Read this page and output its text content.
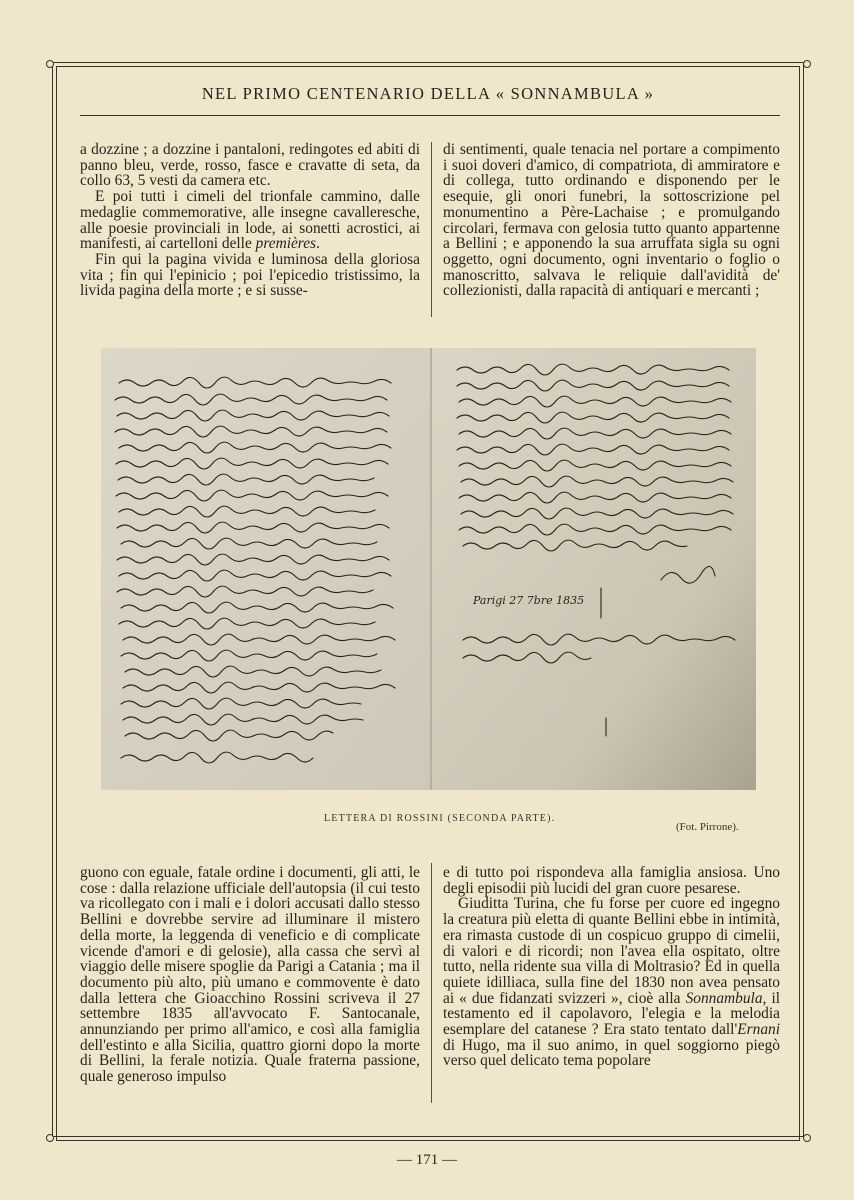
NEL PRIMO CENTENARIO DELLA « SONNAMBULA »

a dozzine ; a dozzine i pantaloni, redingotes ed abiti di panno bleu, verde, rosso, fasce e cravatte di seta, da collo 63, 5 vesti da camera etc.

E poi tutti i cimeli del trionfale cammino, dalle medaglie commemorative, alle insegne cavalleresche, alle poesie provinciali in lode, ai sonetti acrostici, ai manifesti, ai cartelloni delle premières.

Fin qui la pagina vivida e luminosa della gloriosa vita ; fin qui l'epinicio ; poi l'epicedio tristissimo, la livida pagina della morte ; e si susse-

di sentimenti, quale tenacia nel portare a compimento i suoi doveri d'amico, di compatriota, di ammiratore e di collega, tutto ordinando e disponendo per le esequie, gli onori funebri, la sottoscrizione pel monumentino a Père-Lachaise ; e promulgando circolari, fermava con gelosia tutto quanto appartenne a Bellini ; e apponendo la sua arruffata sigla su ogni oggetto, ogni documento, ogni inventario o foglio o manoscritto, salvava le reliquie dall'avidità de' collezionisti, dalla rapacità di antiquari e mercanti ;

Parigi 27 7bre 1835
LETTERA DI ROSSINI (SECONDA PARTE).
(Fot. Pirrone).

guono con eguale, fatale ordine i documenti, gli atti, le cose : dalla relazione ufficiale dell'autopsia (il cui testo va ricollegato con i mali e i dolori accusati dallo stesso Bellini e dovrebbe servire ad illuminare il mistero della morte, la leggenda di veneficio e di complicate vicende d'amori e di gelosie), alla cassa che servì al viaggio delle misere spoglie da Parigi a Catania ; ma il documento più alto, più umano e commovente è dato dalla lettera che Gioacchino Rossini scriveva il 27 settembre 1835 all'avvocato F. Santocanale, annunziando per primo all'amico, e così alla famiglia dell'estinto e alla Sicilia, quattro giorni dopo la morte di Bellini, la ferale notizia. Quale fraterna passione, quale generoso impulso

e di tutto poi rispondeva alla famiglia ansiosa. Uno degli episodii più lucidi del gran cuore pesarese.

Giuditta Turina, che fu forse per cuore ed ingegno la creatura più eletta di quante Bellini ebbe in intimità, era rimasta custode di un cospicuo gruppo di cimelii, di valori e di ricordi; non l'avea ella ospitato, oltre tutto, nella ridente sua villa di Moltrasio? Ed in quella quiete idilliaca, sulla fine del 1830 non avea pensato ai « due fidanzati svizzeri », cioè alla Sonnambula, il testamento ed il capolavoro, l'elegia e la melodia esemplare del catanese ? Era stato tentato dall'Ernani di Hugo, ma il suo animo, in quel soggiorno piegò verso quel delicato tema popolare

— 171 —
